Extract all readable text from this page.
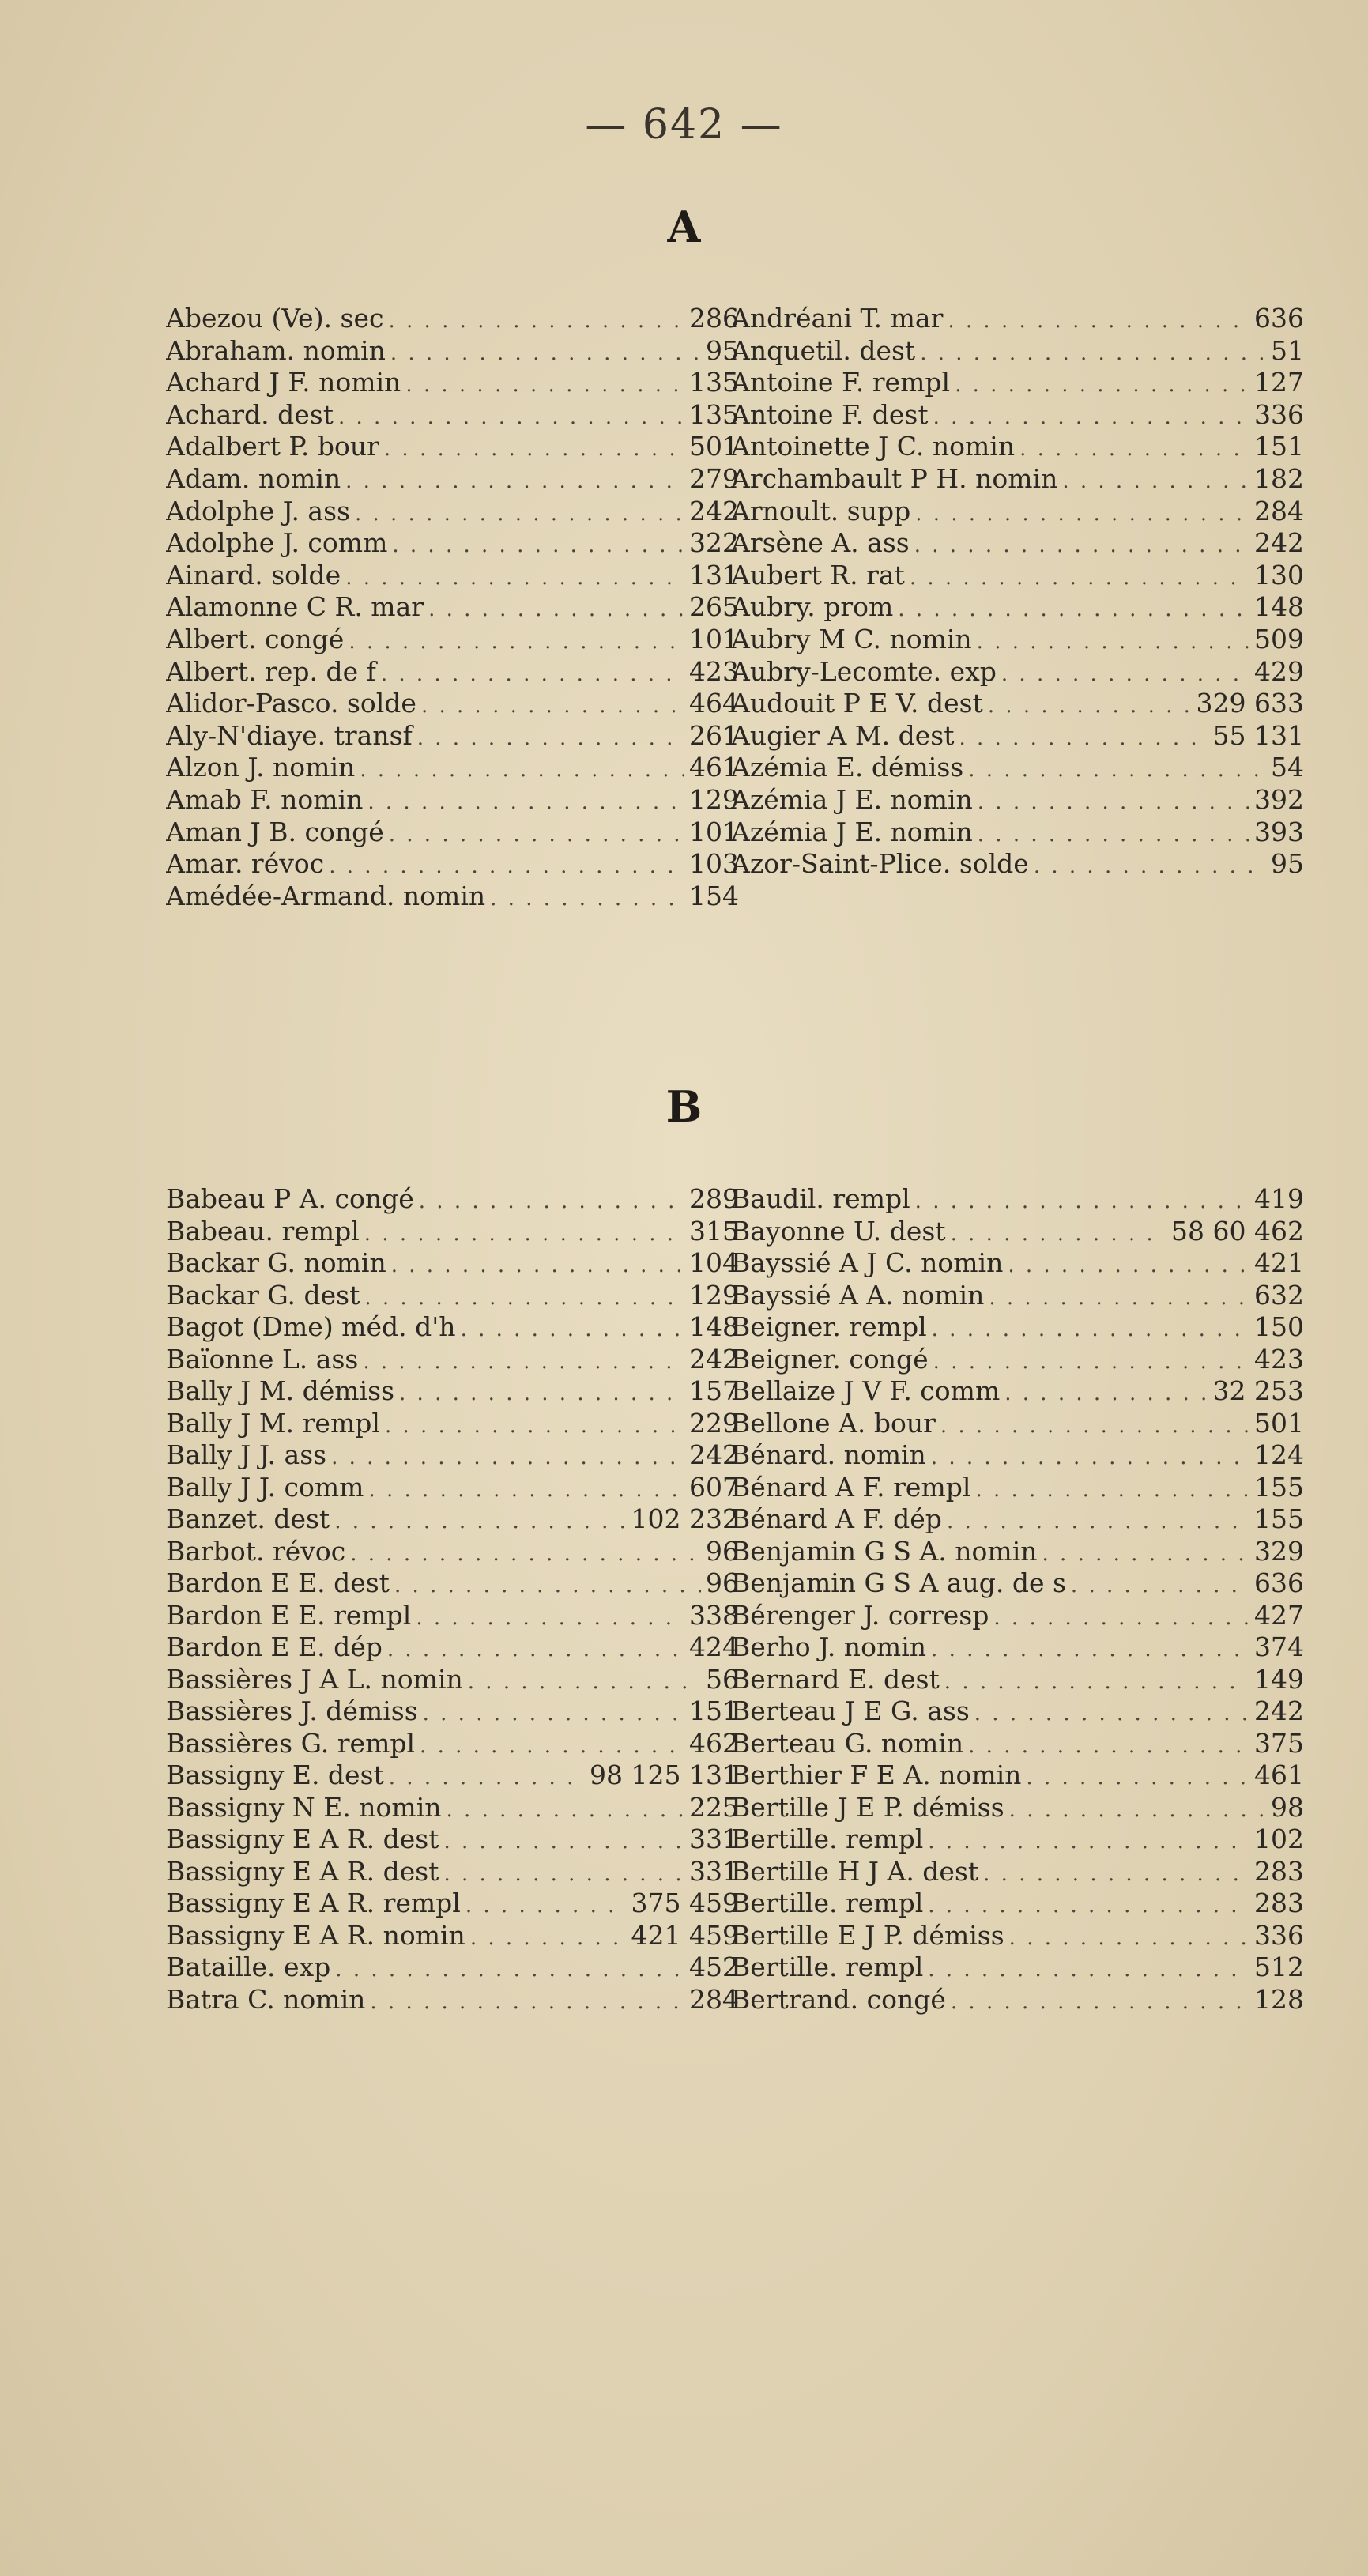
— 642 —
A
Abezou (Ve). sec . . .	286
Abraham. nomin . . .	95
Achard J F. nomin . . .	135
Achard. dest . . .	135
Adalbert P. bour . . .	501
Adam. nomin . . .	279
Adolphe J. ass . . .	242
Adolphe J. comm . . .	322
Ainard. solde . . .	131
Alamonne C R. mar . . .	265
Albert. congé . . .	101
Albert. rep. de f . . .	423
Alidor-Pasco. solde . . .	464
Aly-N'diaye. transf . . .	261
Alzon J. nomin . . .	461
Amab F. nomin . . .	129
Aman J B. congé . . .	101
Amar. révoc . . .	103
Amédée-Armand. nomin . . .	154
Andréani T. mar . . .	636
Anquetil. dest . . .	51
Antoine F. rempl . . .	127
Antoine F. dest . . .	336
Antoinette J C. nomin . . .	151
Archambault P H. nomin . . .	182
Arnoult. supp . . .	284
Arsène A. ass . . .	242
Aubert R. rat . . .	130
Aubry. prom . . .	148
Aubry M C. nomin . . .	509
Aubry-Lecomte. exp . . .	429
Audouit P E V. dest . . .	329 633
Augier A M. dest . . .	55 131
Azémia E. démiss . . .	54
Azémia J E. nomin . . .	392
Azémia J E. nomin . . .	393
Azor-Saint-Plice. solde . . .	95
B
Babeau P A. congé . . .	289
Babeau. rempl . . .	315
Backar G. nomin . . .	104
Backar G. dest . . .	129
Bagot (Dme) méd. d'h . . .	148
Baïonne L. ass . . .	242
Bally J M. démiss . . .	157
Bally J M. rempl . . .	229
Bally J J. ass . . .	242
Bally J J. comm . . .	607
Banzet. dest . . .	102 232
Barbot. révoc . . .	96
Bardon E E. dest . . .	96
Bardon E E. rempl . . .	338
Bardon E E. dép . . .	424
Bassières J A L. nomin . . .	56
Bassières J. démiss . . .	151
Bassières G. rempl . . .	462
Bassigny E. dest . . .	98 125 131
Bassigny N E. nomin . . .	225
Bassigny E A R. dest . . .	331
Bassigny E A R. dest . . .	331
Bassigny E A R. rempl . . .	375 459
Bassigny E A R. nomin . . .	421 459
Bataille. exp . . .	452
Batra C. nomin . . .	284
Baudil. rempl . . .	419
Bayonne U. dest . . .	58 60 462
Bayssié A J C. nomin . . .	421
Bayssié A A. nomin . . .	632
Beigner. rempl . . .	150
Beigner. congé . . .	423
Bellaize J V F. comm . . .	32 253
Bellone A. bour . . .	501
Bénard. nomin . . .	124
Bénard A F. rempl . . .	155
Bénard A F. dép . . .	155
Benjamin G S A. nomin . . .	329
Benjamin G S A aug. de s . . .	636
Bérenger J. corresp . . .	427
Berho J. nomin . . .	374
Bernard E. dest . . .	149
Berteau J E G. ass . . .	242
Berteau G. nomin . . .	375
Berthier F E A. nomin . . .	461
Bertille J E P. démiss . . .	98
Bertille. rempl . . .	102
Bertille H J A. dest . . .	283
Bertille. rempl . . .	283
Bertille E J P. démiss . . .	336
Bertille. rempl . . .	512
Bertrand. congé . . .	128
